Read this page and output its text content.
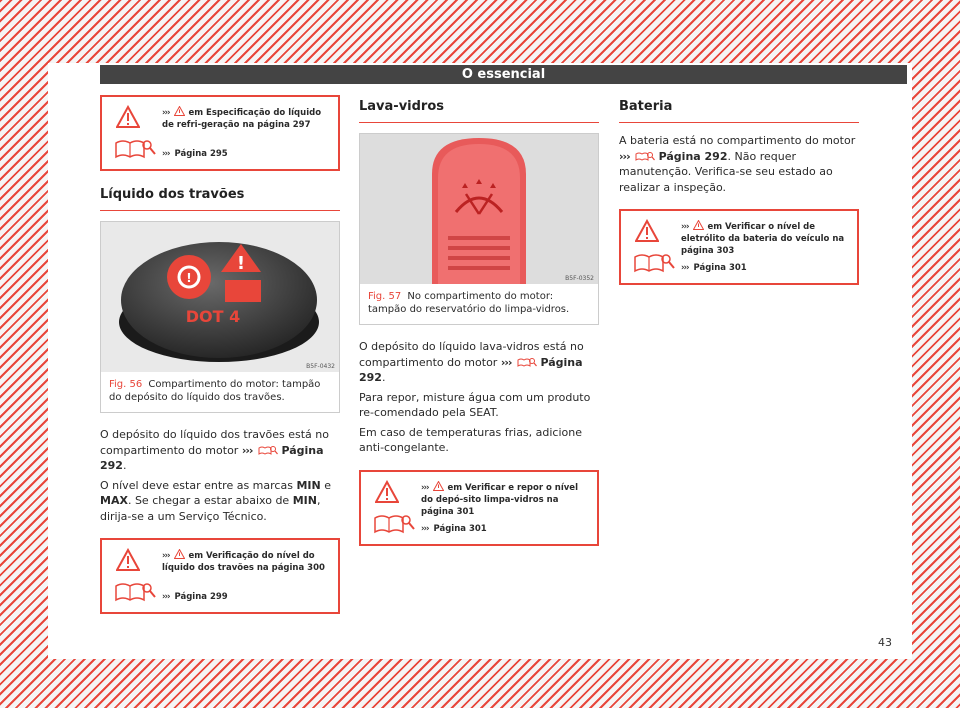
O essencial
››› em Especificação do líquido de refri-geração na página 297
››› Página 295
Líquido dos travões
!
!
DOT 4
B5F-0432
Fig. 56 Compartimento do motor: tampão do depósito do líquido dos travões.

O depósito do líquido dos travões está no compartimento do motor ›››	Página 292.

O nível deve estar entre as marcas MIN e MAX. Se chegar a estar abaixo de MIN, dirija-se a um Serviço Técnico.

››› em Verificação do nível do líquido dos travões na página 300
››› Página 299
Lava-vidros
B5F-0352
Fig. 57 No compartimento do motor: tampão do reservatório do limpa-vidros.

O depósito do líquido lava-vidros está no compartimento do motor ›››	Página 292.

Para repor, misture água com um produto re-comendado pela SEAT.

Em caso de temperaturas frias, adicione anti-congelante.

››› em Verificar e repor o nível do depó-sito limpa-vidros na página 301
››› Página 301
Bateria

A bateria está no compartimento do motor ›››	Página 292. Não requer manutenção. Verifica-se seu estado ao realizar a inspeção.

››› em Verificar o nível de eletrólito da bateria do veículo na página 303
››› Página 301
43
